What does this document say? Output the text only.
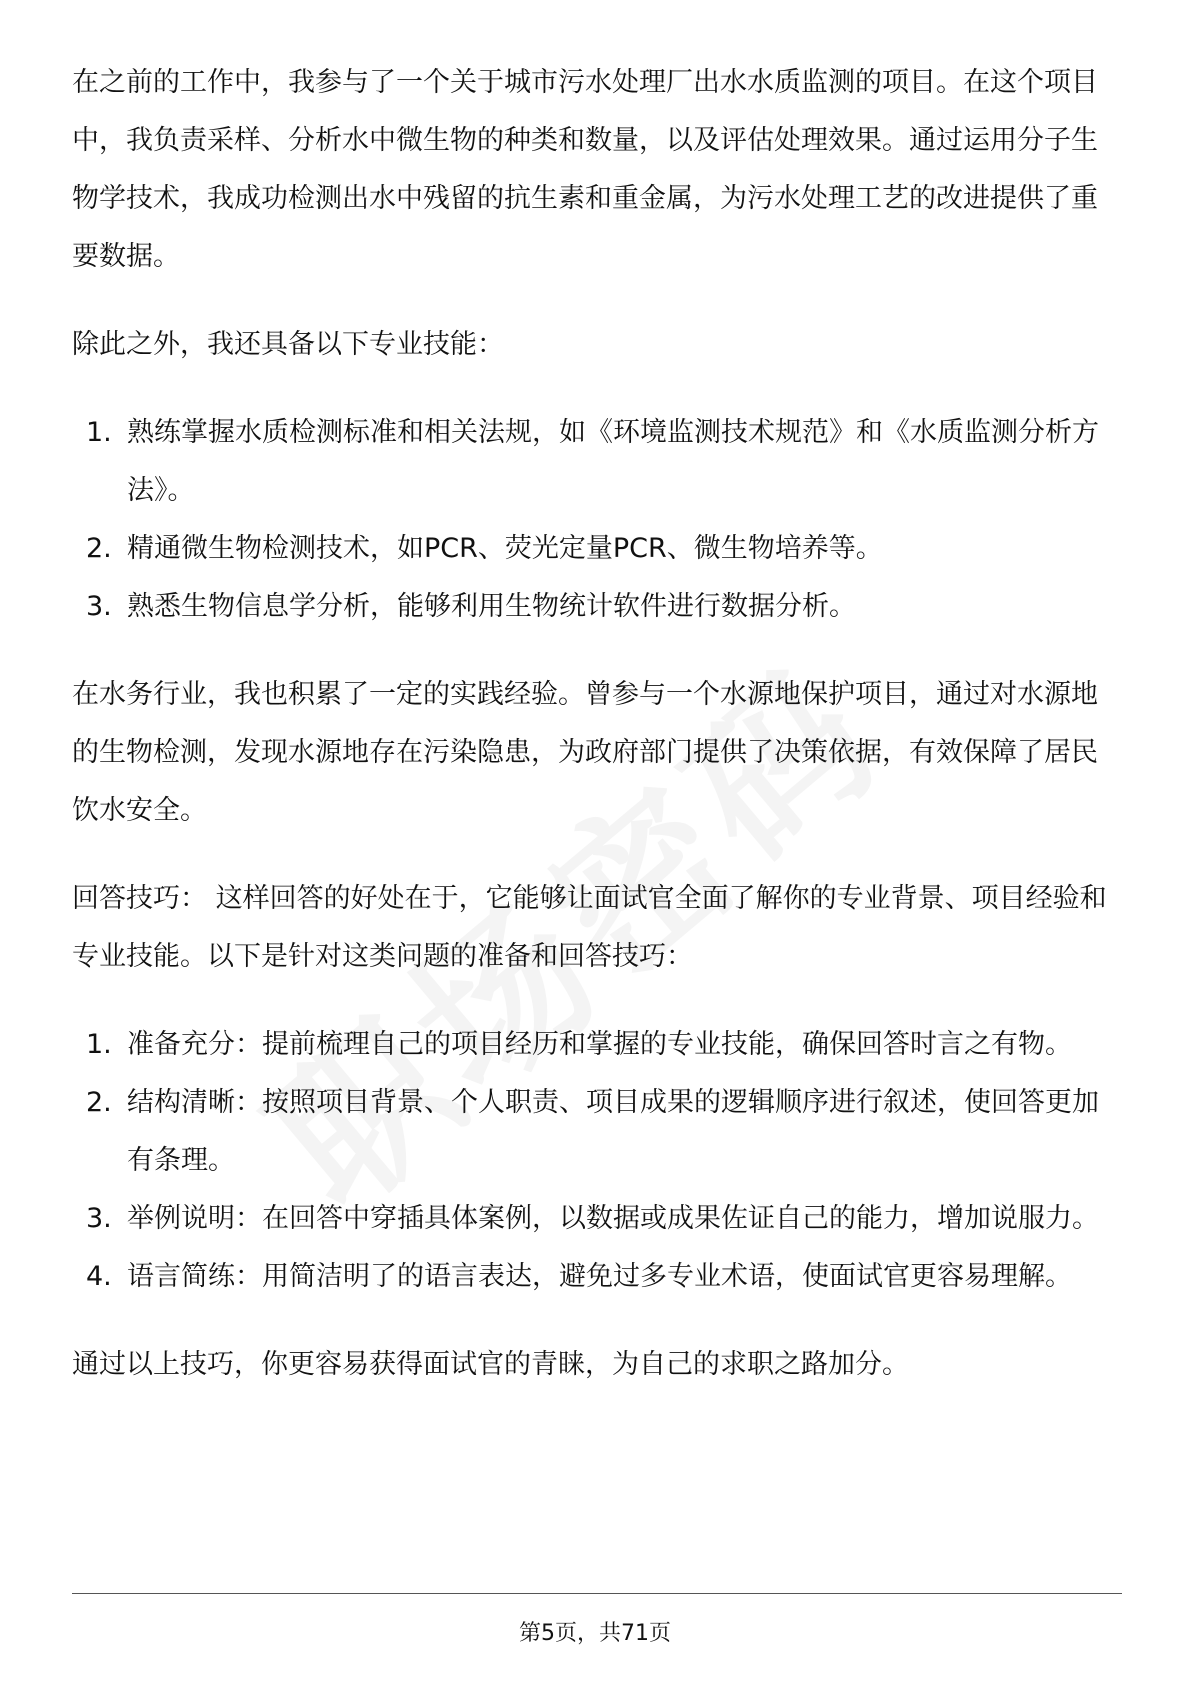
在之前的工作中，我参与了一个关于城市污水处理厂出水水质监测的项目。在这个项目中，我负责采样、分析水中微生物的种类和数量，以及评估处理效果。通过运用分子生物学技术，我成功检测出水中残留的抗生素和重金属，为污水处理工艺的改进提供了重要数据。

除此之外，我还具备以下专业技能：

1. 熟练掌握水质检测标准和相关法规，如《环境监测技术规范》和《水质监测分析方法》。
2. 精通微生物检测技术，如PCR、荧光定量PCR、微生物培养等。
3. 熟悉生物信息学分析，能够利用生物统计软件进行数据分析。

在水务行业，我也积累了一定的实践经验。曾参与一个水源地保护项目，通过对水源地的生物检测，发现水源地存在污染隐患，为政府部门提供了决策依据，有效保障了居民饮水安全。

回答技巧： 这样回答的好处在于，它能够让面试官全面了解你的专业背景、项目经验和专业技能。以下是针对这类问题的准备和回答技巧：

1. 准备充分：提前梳理自己的项目经历和掌握的专业技能，确保回答时言之有物。
2. 结构清晰：按照项目背景、个人职责、项目成果的逻辑顺序进行叙述，使回答更加有条理。
3. 举例说明：在回答中穿插具体案例，以数据或成果佐证自己的能力，增加说服力。
4. 语言简练：用简洁明了的语言表达，避免过多专业术语，使面试官更容易理解。

通过以上技巧，你更容易获得面试官的青睐，为自己的求职之路加分。

第5页，共71页
